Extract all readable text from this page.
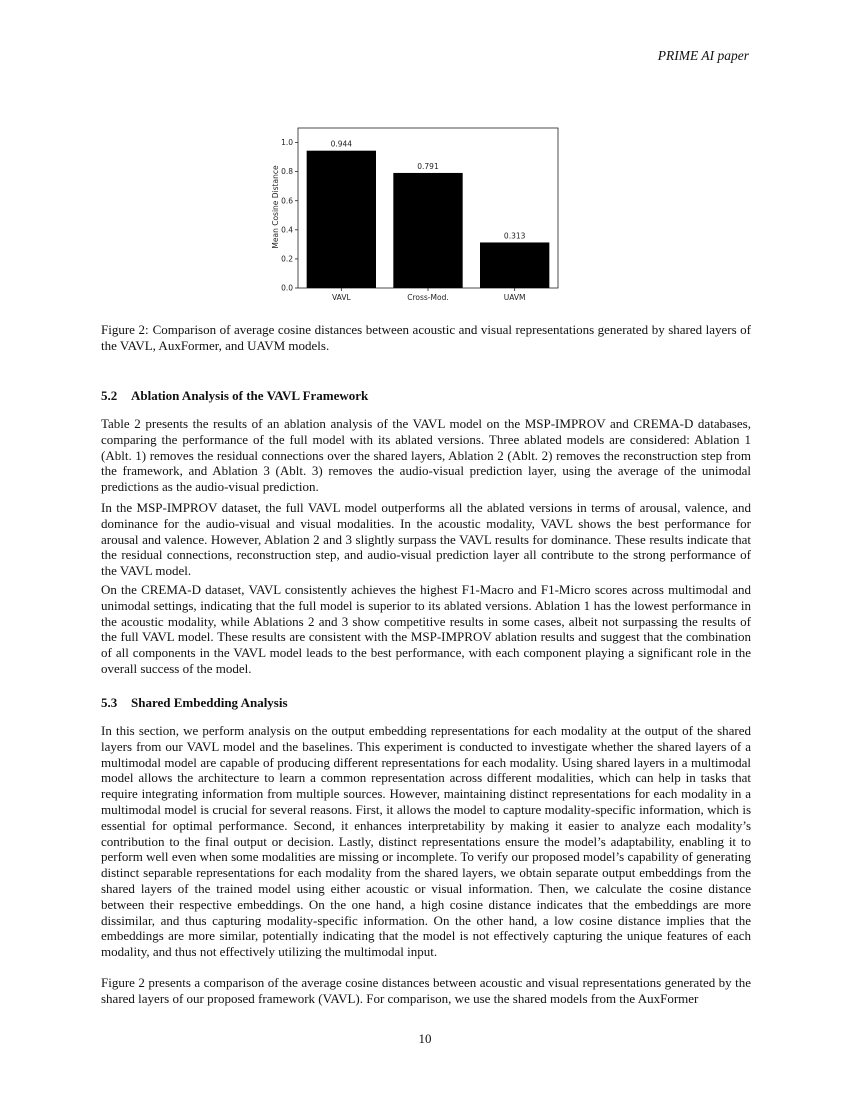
PRIME AI paper
Mean Cosine Distance
0.0
0.2
0.4
0.6
0.8
1.0
VAVL
0.944
Cross-Mod.
0.791
UAVM
0.313
Figure 2: Comparison of average cosine distances between acoustic and visual representations generated by shared layers of the VAVL, AuxFormer, and UAVM models.
5.2 Ablation Analysis of the VAVL Framework

Table 2 presents the results of an ablation analysis of the VAVL model on the MSP-IMPROV and CREMA-D databases, comparing the performance of the full model with its ablated versions. Three ablated models are considered: Ablation 1 (Ablt. 1) removes the residual connections over the shared layers, Ablation 2 (Ablt. 2) removes the reconstruction step from the framework, and Ablation 3 (Ablt. 3) removes the audio-visual prediction layer, using the average of the unimodal predictions as the audio-visual prediction.

In the MSP-IMPROV dataset, the full VAVL model outperforms all the ablated versions in terms of arousal, valence, and dominance for the audio-visual and visual modalities. In the acoustic modality, VAVL shows the best performance for arousal and valence. However, Ablation 2 and 3 slightly surpass the VAVL results for dominance. These results indicate that the residual connections, reconstruction step, and audio-visual prediction layer all contribute to the strong performance of the VAVL model.

On the CREMA-D dataset, VAVL consistently achieves the highest F1-Macro and F1-Micro scores across multimodal and unimodal settings, indicating that the full model is superior to its ablated versions. Ablation 1 has the lowest performance in the acoustic modality, while Ablations 2 and 3 show competitive results in some cases, albeit not surpassing the results of the full VAVL model. These results are consistent with the MSP-IMPROV ablation results and suggest that the combination of all components in the VAVL model leads to the best performance, with each component playing a significant role in the overall success of the model.

5.3 Shared Embedding Analysis

In this section, we perform analysis on the output embedding representations for each modality at the output of the shared layers from our VAVL model and the baselines. This experiment is conducted to investigate whether the shared layers of a multimodal model are capable of producing different representations for each modality. Using shared layers in a multimodal model allows the architecture to learn a common representation across different modalities, which can help in tasks that require integrating information from multiple sources. However, maintaining distinct representations for each modality in a multimodal model is crucial for several reasons. First, it allows the model to capture modality-specific information, which is essential for optimal performance. Second, it enhances interpretability by making it easier to analyze each modality’s contribution to the final output or decision. Lastly, distinct representations ensure the model’s adaptability, enabling it to perform well even when some modalities are missing or incomplete. To verify our proposed model’s capability of generating distinct separable representations for each modality from the shared layers, we obtain separate output embeddings from the shared layers of the trained model using either acoustic or visual information. Then, we calculate the cosine distance between their respective embeddings. On the one hand, a high cosine distance indicates that the embeddings are more dissimilar, and thus capturing modality-specific information. On the other hand, a low cosine distance implies that the embeddings are more similar, potentially indicating that the model is not effectively capturing the unique features of each modality, and thus not effectively utilizing the multimodal input.

Figure 2 presents a comparison of the average cosine distances between acoustic and visual representations generated by the shared layers of our proposed framework (VAVL). For comparison, we use the shared models from the AuxFormer

10
